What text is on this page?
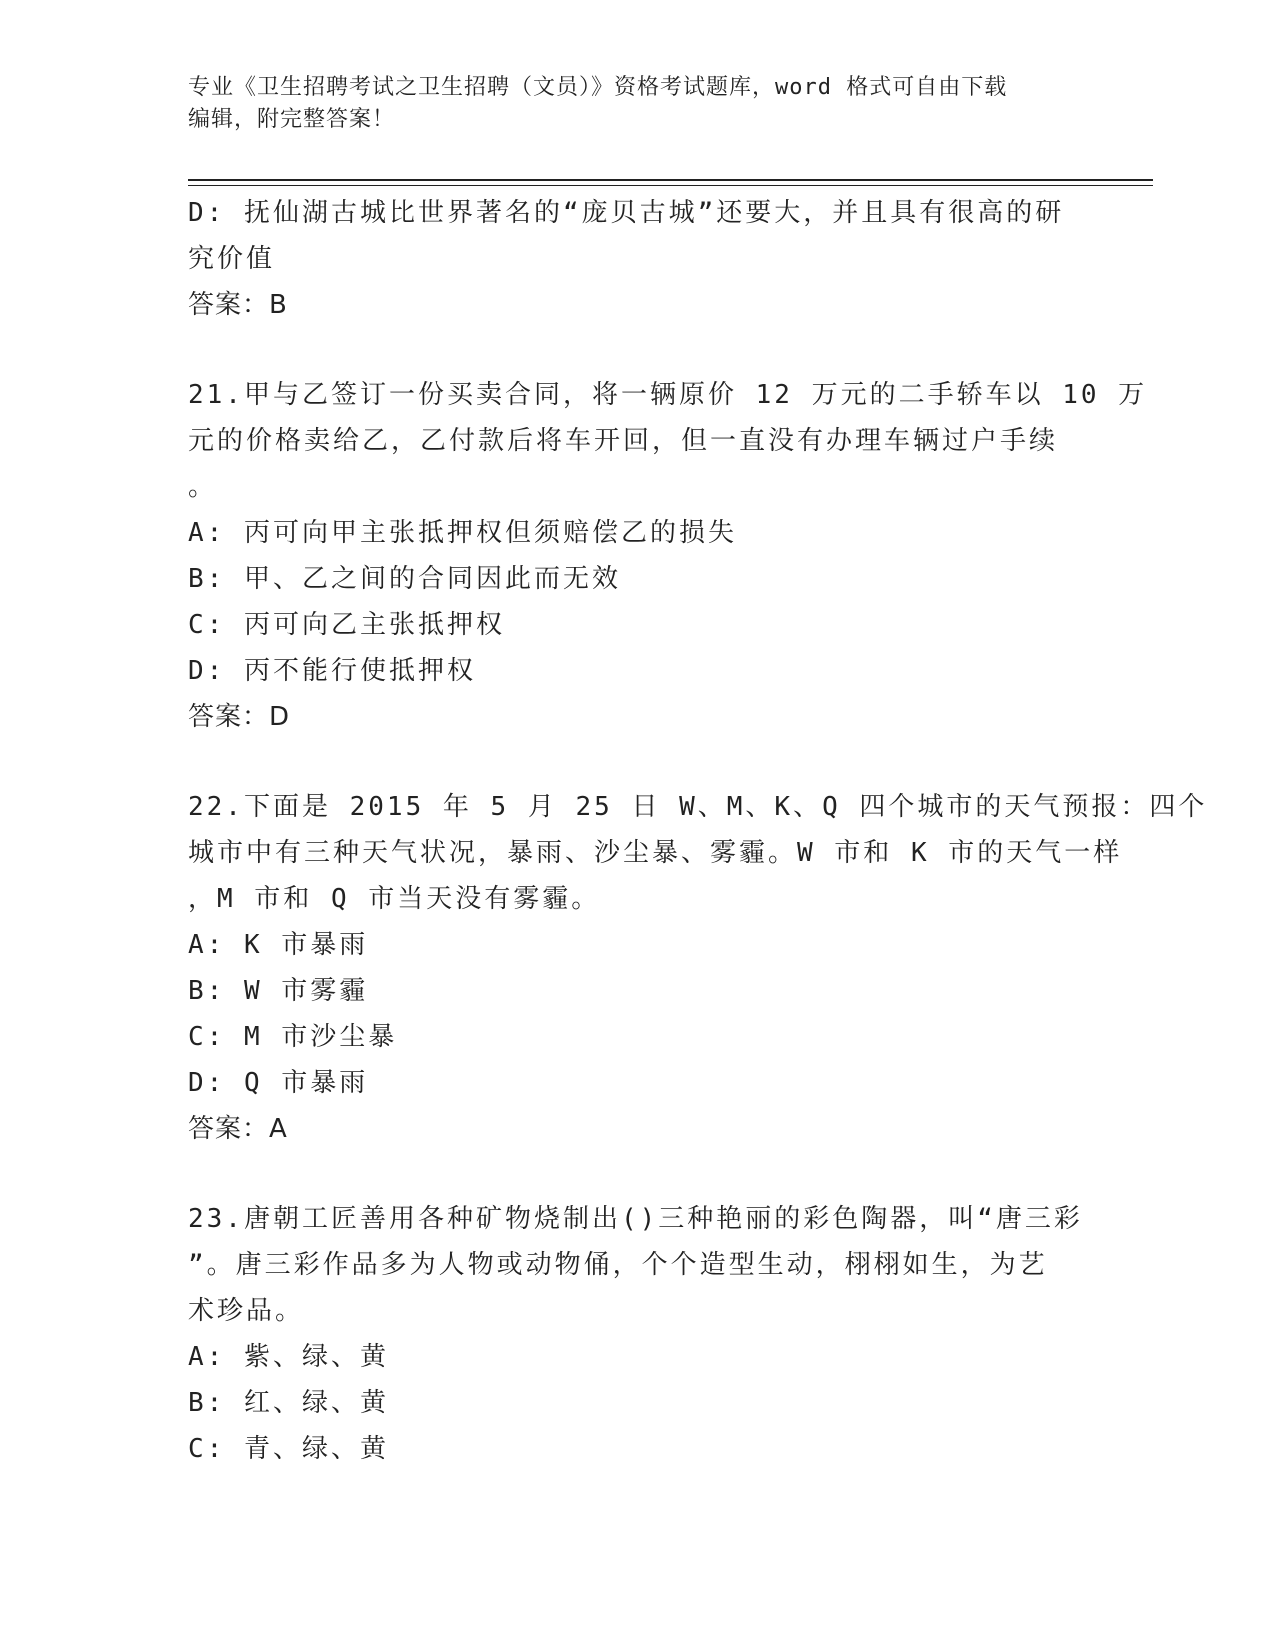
专业《卫生招聘考试之卫生招聘（文员）》资格考试题库，word 格式可自由下载
编辑，附完整答案！
D: 抚仙湖古城比世界著名的“庞贝古城”还要大，并且具有很高的研
究价值
答案：B
21.甲与乙签订一份买卖合同，将一辆原价 12 万元的二手轿车以 10 万
元的价格卖给乙，乙付款后将车开回，但一直没有办理车辆过户手续
。
A: 丙可向甲主张抵押权但须赔偿乙的损失
B: 甲、乙之间的合同因此而无效
C: 丙可向乙主张抵押权
D: 丙不能行使抵押权
答案：D
22.下面是 2015 年 5 月 25 日 W、M、K、Q 四个城市的天气预报：四个
城市中有三种天气状况，暴雨、沙尘暴、雾霾。W 市和 K 市的天气一样
，M 市和 Q 市当天没有雾霾。
A: K 市暴雨
B: W 市雾霾
C: M 市沙尘暴
D: Q 市暴雨
答案：A
23.唐朝工匠善用各种矿物烧制出()三种艳丽的彩色陶器，叫“唐三彩
”。唐三彩作品多为人物或动物俑，个个造型生动，栩栩如生，为艺
术珍品。
A: 紫、绿、黄
B: 红、绿、黄
C: 青、绿、黄
